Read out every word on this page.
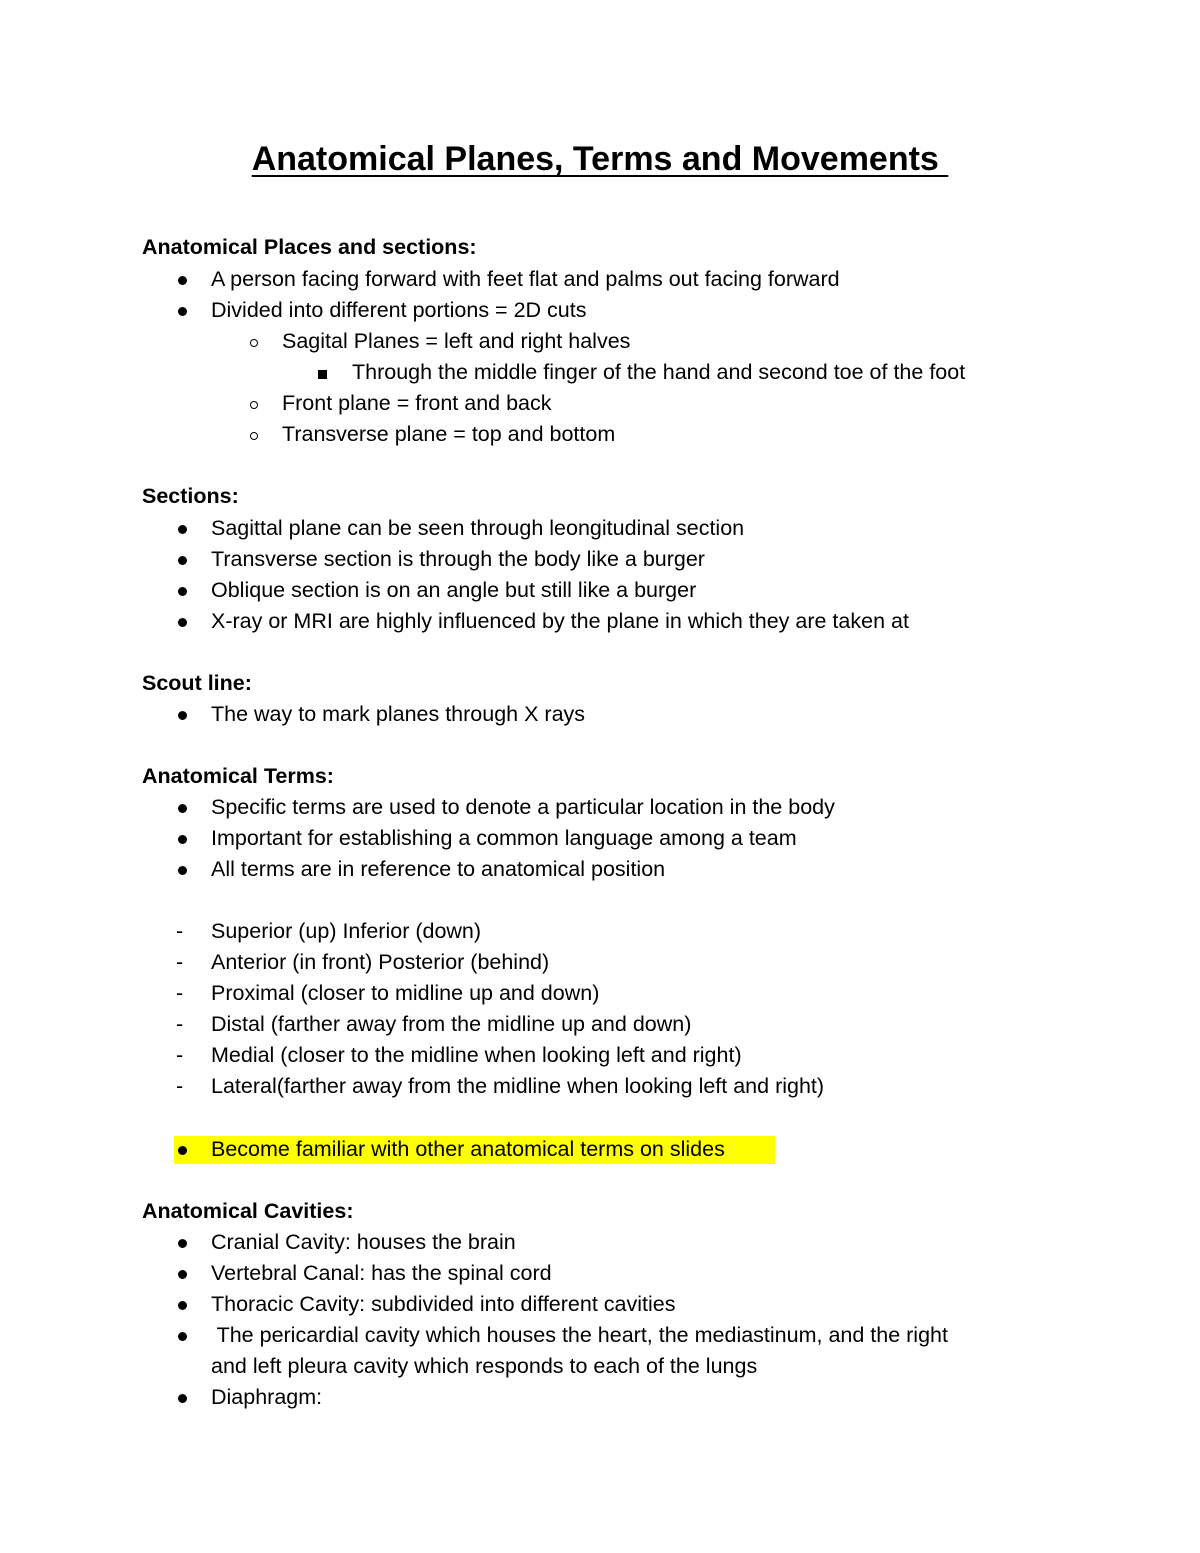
Anatomical Planes, Terms and Movements
Anatomical Places and sections:
A person facing forward with feet flat and palms out facing forward
Divided into different portions = 2D cuts
Sagital Planes = left and right halves
Through the middle finger of the hand and second toe of the foot
Front plane = front and back
Transverse plane = top and bottom
Sections:
Sagittal plane can be seen through leongitudinal section
Transverse section is through the body like a burger
Oblique section is on an angle but still like a burger
X-ray or MRI are highly influenced by the plane in which they are taken at
Scout line:
The way to mark planes through X rays
Anatomical Terms:
Specific terms are used to denote a particular location in the body
Important for establishing a common language among a team
All terms are in reference to anatomical position
- Superior (up) Inferior (down)
- Anterior (in front) Posterior (behind)
- Proximal (closer to midline up and down)
- Distal (farther away from the midline up and down)
- Medial (closer to the midline when looking left and right)
- Lateral(farther away from the midline when looking left and right)
Become familiar with other anatomical terms on slides
Anatomical Cavities:
Cranial Cavity: houses the brain
Vertebral Canal: has the spinal cord
Thoracic Cavity: subdivided into different cavities
The pericardial cavity which houses the heart, the mediastinum, and the right
and left pleura cavity which responds to each of the lungs
Diaphragm:
